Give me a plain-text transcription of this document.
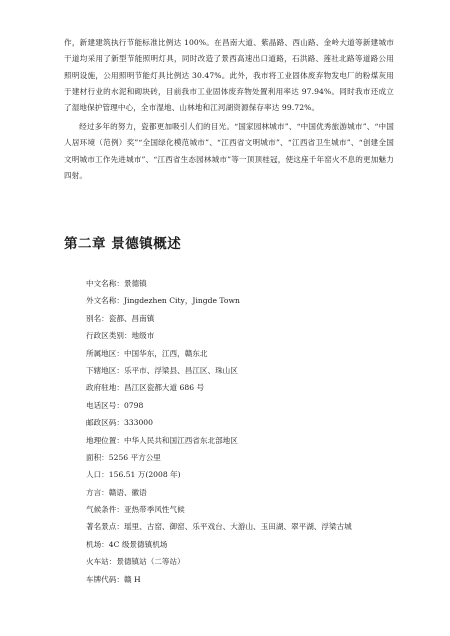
作，新建建筑执行节能标准比例达 100%。在昌南大道、紫晶路、西山路、金岭大道等新建城市干道均采用了新型节能照明灯具，同时改造了景西高速出口道路，石洪路、莲社北路等道路公用照明设施，公用照明节能灯具比例达 30.47%。此外，我市将工业固体废弃物发电厂的粉煤灰用于建材行业的水泥和砌块砖，目前我市工业固体废弃物处置利用率达 97.94%。同时我市还成立了湿地保护管理中心，全市湿地、山林地和江河湖资源保存率达 99.72%。

经过多年的努力，瓷都更加吸引人们的目光。“国家园林城市”、“中国优秀旅游城市”、“中国人居环境（范例）奖”“全国绿化模范城市”、“江西省文明城市”、“江西省卫生城市”、“创建全国文明城市工作先进城市”、“江西省生态园林城市”等一顶顶桂冠，使这座千年窑火不息的更加魅力四射。

第二章 景德镇概述
中文名称：景德镇
外文名称：Jingdezhen City，Jingde Town
别名：瓷都、昌南镇
行政区类别：地级市
所属地区：中国华东，江西，赣东北
下辖地区：乐平市、浮梁县、昌江区、珠山区
政府驻地：昌江区瓷都大道 686 号
电话区号：0798
邮政区码：333000
地理位置：中华人民共和国江西省东北部地区
面积：5256 平方公里
人口：156.51 万(2008 年)
方言：赣语、徽语
气候条件：亚热带季风性气候
著名景点：瑶里、古窑、御窑、乐平戏台、大游山、玉田湖、翠平湖、浮梁古城
机场：4C 级景德镇机场
火车站：景德镇站（二等站）
车牌代码：赣 H
